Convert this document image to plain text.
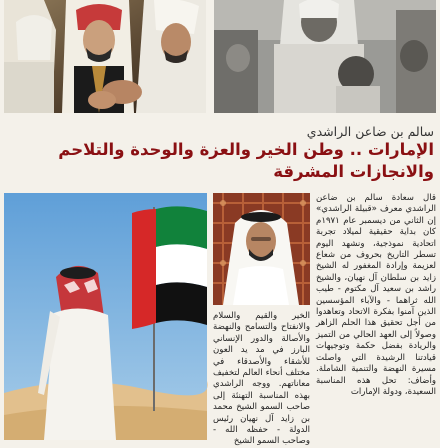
سالم بن ضاعن الراشدي
الإمارات .. وطن الخير والعزة والوحدة والتلاحم
والانجازات المشرقة

قال سعادة سالم بن ضاعن الراشدي معرف «قبيلة الراشدي» إن الثاني من ديسمبر عام ١٩٧١م كان بداية حقيقية لميلاد تجربة اتحادية نموذجية، ونشهد اليوم تسطر التاريخ بحروف من شعاع لعزيمة وإرادة المغفور له الشيخ زايد بن سلطان آل نهيان، والشيخ راشد بن سعيد آل مكتوم - طيب الله ثراهما - والآباء المؤسسين الذين آمنوا بفكرة الاتحاد وتعاهدوا من أجل تحقيق هذا الحلم الزاهر وصولاً إلى العهد الحالي من التميز والريادة بفضل حكمة وتوجيهات قيادتنا الرشيدة التي واصلت مسيرة النهضة والتنمية الشاملة. وأضاف: تحل هذه المناسبة السعيدة، ودولة الإمارات

الخير والقيم والسلام والانفتاح والتسامح والنهضة والأصالة والدور الإنساني البارز في مد يد العون للأشقاء والأصدقاء في مختلف أنحاء العالم لتخفيف معاناتهم. ووجه الراشدي بهذه المناسبة التهنئة إلى صاحب السمو الشيخ محمد بن زايد آل نهيان رئيس الدولة - حفظه الله - وصاحب السمو الشيخ
